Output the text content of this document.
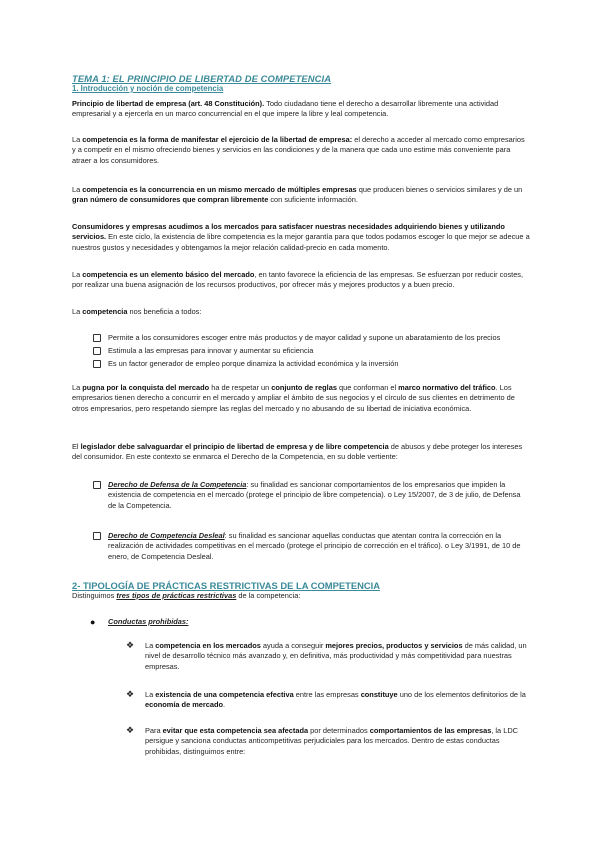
TEMA 1: EL PRINCIPIO DE LIBERTAD DE COMPETENCIA

1. Introducción y noción de competencia

Principio de libertad de empresa (art. 48 Constitución). Todo ciudadano tiene el derecho a desarrollar libremente una actividad empresarial y a ejercerla en un marco concurrencial en el que impere la libre y leal competencia.

La competencia es la forma de manifestar el ejercicio de la libertad de empresa: el derecho a acceder al mercado como empresarios y a competir en el mismo ofreciendo bienes y servicios en las condiciones y de la manera que cada uno estime más conveniente para atraer a los consumidores.

La competencia es la concurrencia en un mismo mercado de múltiples empresas que producen bienes o servicios similares y de un gran número de consumidores que compran libremente con suficiente información.

Consumidores y empresas acudimos a los mercados para satisfacer nuestras necesidades adquiriendo bienes y utilizando servicios. En este ciclo, la existencia de libre competencia es la mejor garantía para que todos podamos escoger lo que mejor se adecue a nuestros gustos y necesidades y obtengamos la mejor relación calidad-precio en cada momento.

La competencia es un elemento básico del mercado, en tanto favorece la eficiencia de las empresas. Se esfuerzan por reducir costes, por realizar una buena asignación de los recursos productivos, por ofrecer más y mejores productos y a buen precio.

La competencia nos beneficia a todos:

Permite a los consumidores escoger entre más productos y de mayor calidad y supone un abaratamiento de los precios

Estimula a las empresas para innovar y aumentar su eficiencia

Es un factor generador de empleo porque dinamiza la actividad económica y la inversión

La pugna por la conquista del mercado ha de respetar un conjunto de reglas que conforman el marco normativo del tráfico. Los empresarios tienen derecho a concurrir en el mercado y ampliar el ámbito de sus negocios y el círculo de sus clientes en detrimento de otros empresarios, pero respetando siempre las reglas del mercado y no abusando de su libertad de iniciativa económica.

El legislador debe salvaguardar el principio de libertad de empresa y de libre competencia de abusos y debe proteger los intereses del consumidor. En este contexto se enmarca el Derecho de la Competencia, en su doble vertiente:

Derecho de Defensa de la Competencia: su finalidad es sancionar comportamientos de los empresarios que impiden la existencia de competencia en el mercado (protege el principio de libre competencia). o Ley 15/2007, de 3 de julio, de Defensa de la Competencia.

Derecho de Competencia Desleal: su finalidad es sancionar aquellas conductas que atentan contra la corrección en la realización de actividades competitivas en el mercado (protege el principio de corrección en el tráfico). o Ley 3/1991, de 10 de enero, de Competencia Desleal.

2- TIPOLOGÍA DE PRÁCTICAS RESTRICTIVAS DE LA COMPETENCIA

Distinguimos tres tipos de prácticas restrictivas de la competencia:

● Conductas prohibidas:

❖ La competencia en los mercados ayuda a conseguir mejores precios, productos y servicios de más calidad, un nivel de desarrollo técnico más avanzado y, en definitiva, más productividad y más competitividad para nuestras empresas.

❖ La existencia de una competencia efectiva entre las empresas constituye uno de los elementos definitorios de la economía de mercado.

❖ Para evitar que esta competencia sea afectada por determinados comportamientos de las empresas, la LDC persigue y sanciona conductas anticompetitivas perjudiciales para los mercados. Dentro de estas conductas prohibidas, distinguimos entre:
